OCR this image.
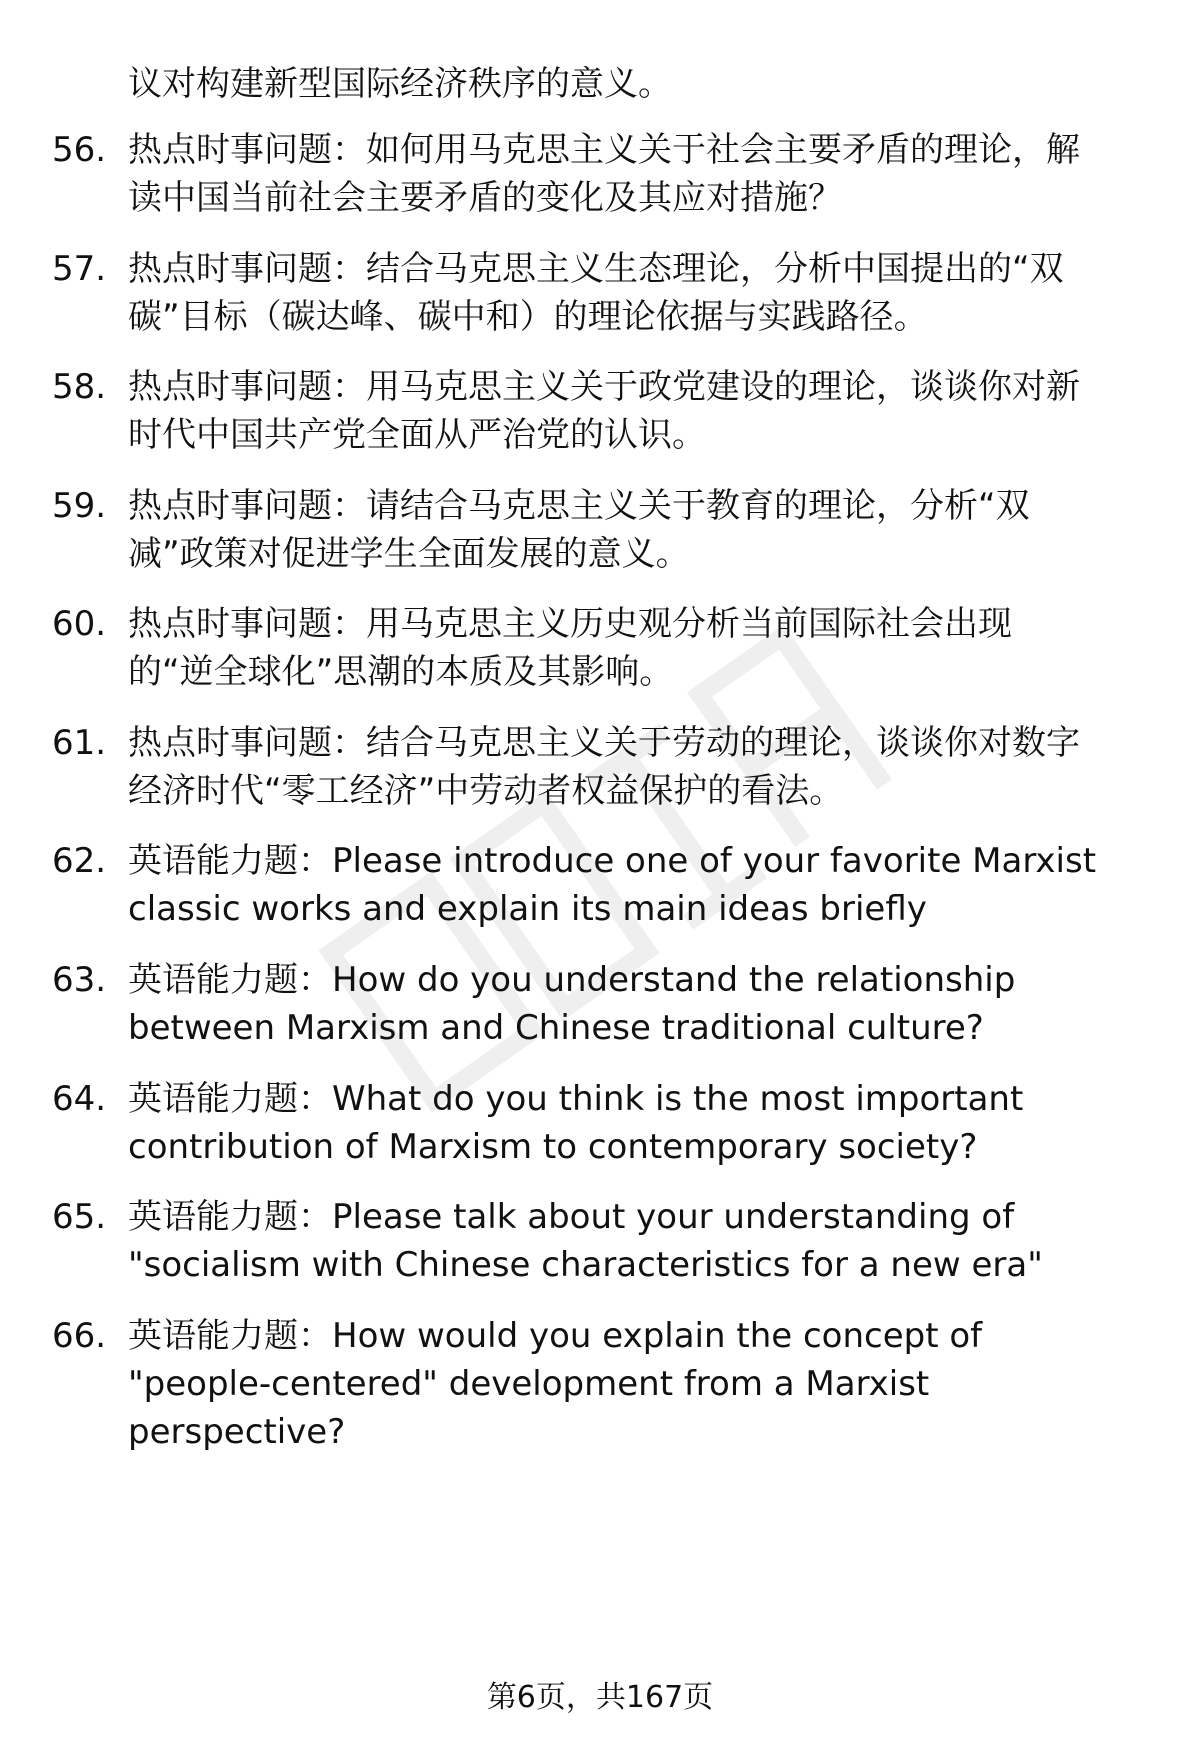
议对构建新型国际经济秩序的意义。
56. 热点时事问题：如何用马克思主义关于社会主要矛盾的理论，解
读中国当前社会主要矛盾的变化及其应对措施？
57. 热点时事问题：结合马克思主义生态理论，分析中国提出的“双
碳”目标（碳达峰、碳中和）的理论依据与实践路径。
58. 热点时事问题：用马克思主义关于政党建设的理论，谈谈你对新
时代中国共产党全面从严治党的认识。
59. 热点时事问题：请结合马克思主义关于教育的理论，分析“双
减”政策对促进学生全面发展的意义。
60. 热点时事问题：用马克思主义历史观分析当前国际社会出现
的“逆全球化”思潮的本质及其影响。
61. 热点时事问题：结合马克思主义关于劳动的理论，谈谈你对数字
经济时代“零工经济”中劳动者权益保护的看法。
62. 英语能力题：Please introduce one of your favorite Marxist
classic works and explain its main ideas briefly
63. 英语能力题：How do you understand the relationship
between Marxism and Chinese traditional culture?
64. 英语能力题：What do you think is the most important
contribution of Marxism to contemporary society?
65. 英语能力题：Please talk about your understanding of
"socialism with Chinese characteristics for a new era"
66. 英语能力题：How would you explain the concept of
"people-centered" development from a Marxist
perspective?
第6页，共167页
